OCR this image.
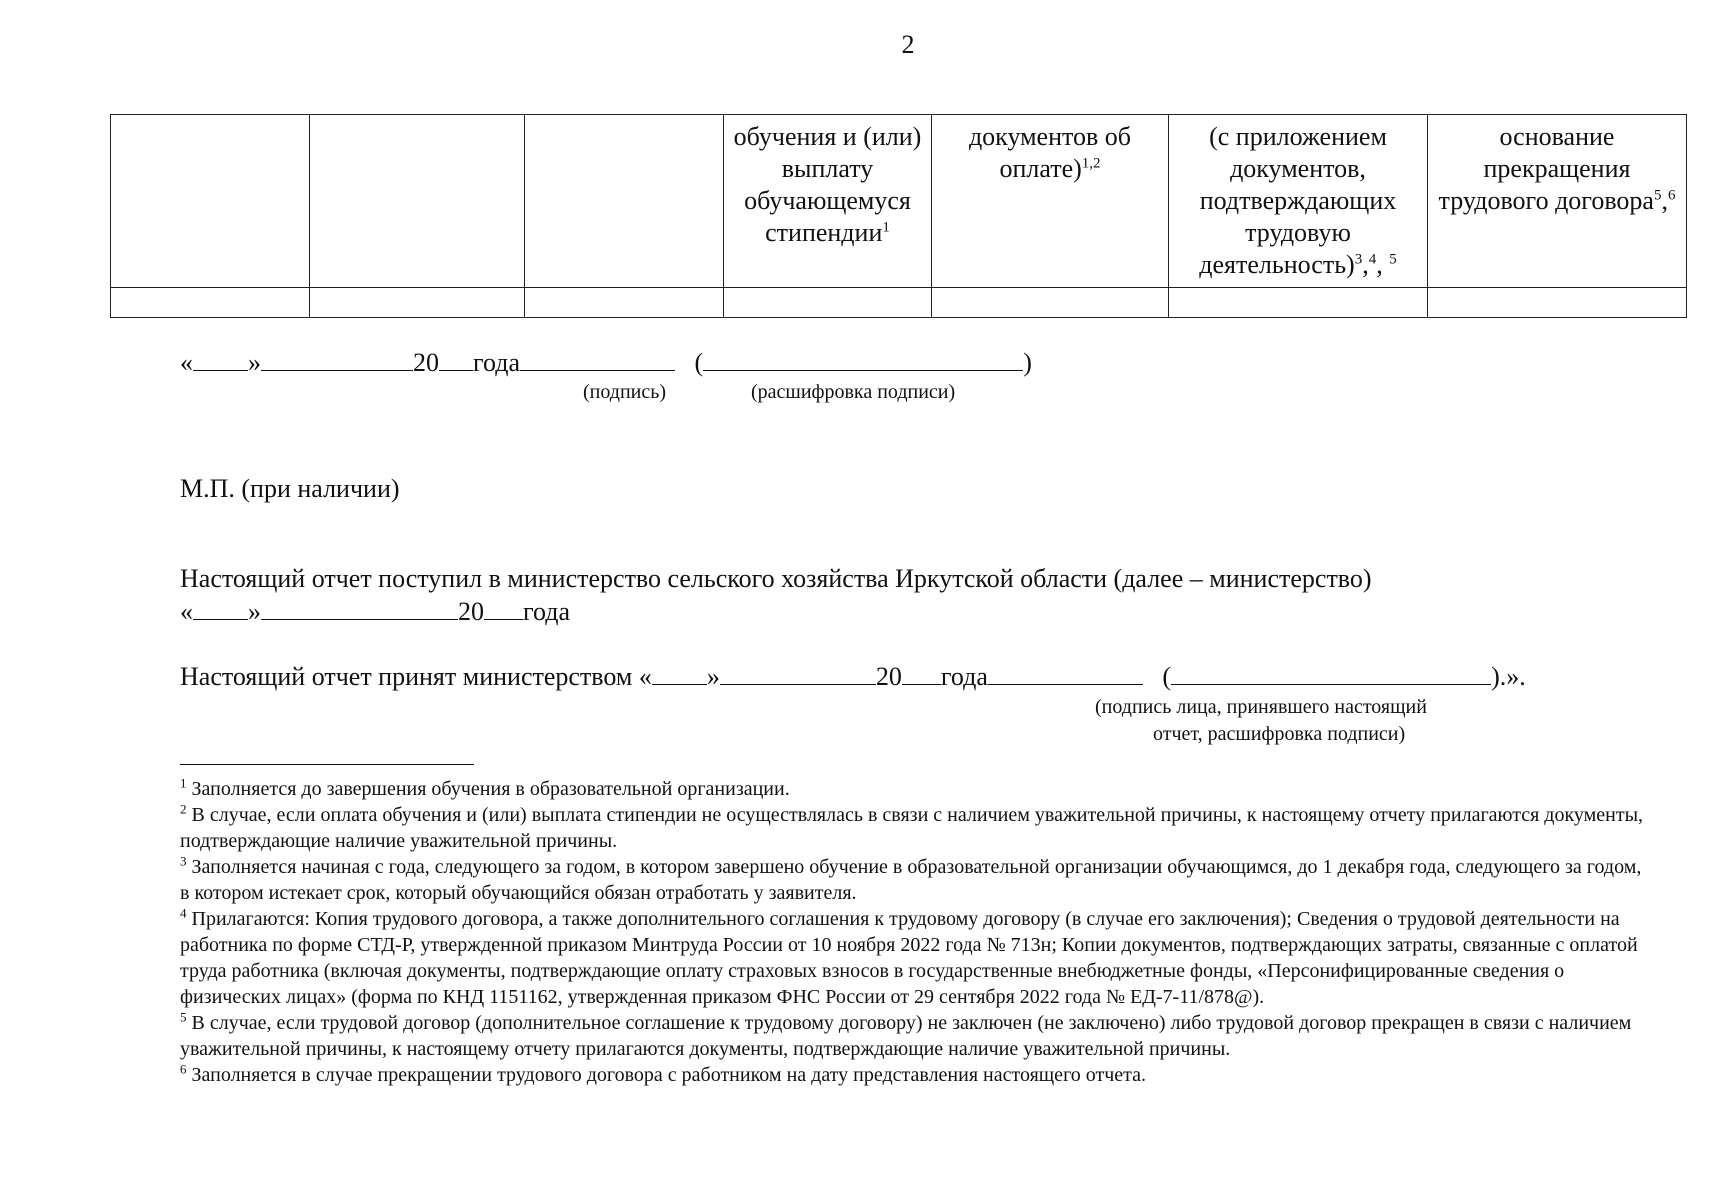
2
			обучения и (или) выплату обучающемуся стипендии$^1$	документов об оплате)$^{1,2}$	(с приложением документов, подтверждающих трудовую деятельность)$^3$,$^4$, $^5$	основание прекращения трудового договора$^5$,$^6$

« »	20 года	(	)
(подпись)	(расшифровка подписи)
М.П. (при наличии)
Настоящий отчет поступил в министерство сельского хозяйства Иркутской области (далее – министерство)
« »	20 года
Настоящий отчет принят министерством « »	20 года	(	).».
(подпись лица, принявшего настоящий
отчет, расшифровка подписи)

$^1$ Заполняется до завершения обучения в образовательной организации.

$^2$ В случае, если оплата обучения и (или) выплата стипендии не осуществлялась в связи с наличием уважительной причины, к настоящему отчету прилагаются документы, подтверждающие наличие уважительной причины.

$^3$ Заполняется начиная с года, следующего за годом, в котором завершено обучение в образовательной организации обучающимся, до 1 декабря года, следующего за годом, в котором истекает срок, который обучающийся обязан отработать у заявителя.

$^4$ Прилагаются: Копия трудового договора, а также дополнительного соглашения к трудовому договору (в случае его заключения); Сведения о трудовой деятельности на работника по форме СТД-Р, утвержденной приказом Минтруда России от 10 ноября 2022 года № 713н; Копии документов, подтверждающих затраты, связанные с оплатой труда работника (включая документы, подтверждающие оплату страховых взносов в государственные внебюджетные фонды, «Персонифицированные сведения о физических лицах» (форма по КНД 1151162, утвержденная приказом ФНС России от 29 сентября 2022 года № ЕД-7-11/878@).

$^5$ В случае, если трудовой договор (дополнительное соглашение к трудовому договору) не заключен (не заключено) либо трудовой договор прекращен в связи с наличием уважительной причины, к настоящему отчету прилагаются документы, подтверждающие наличие уважительной причины.

$^6$ Заполняется в случае прекращении трудового договора с работником на дату представления настоящего отчета.
